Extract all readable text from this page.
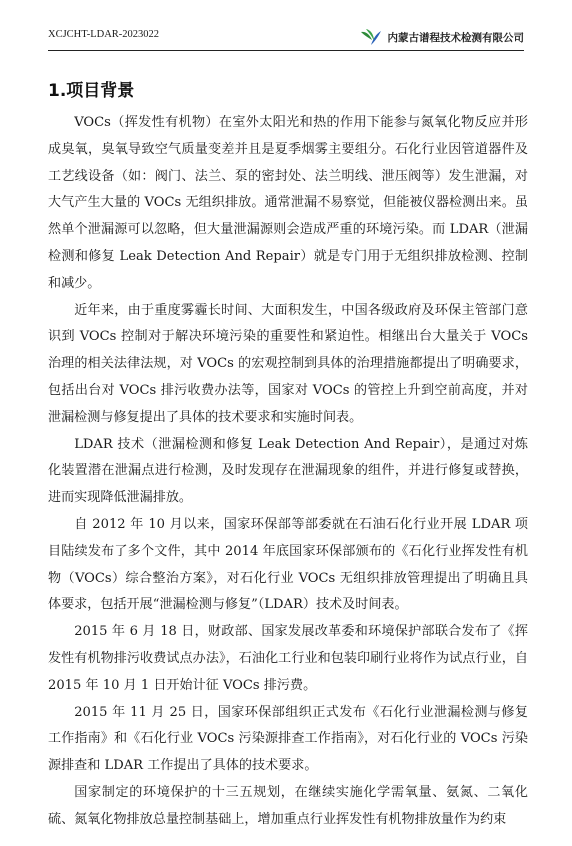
XCJCHT-LDAR-2023022	内蒙古谱程技术检测有限公司
1.项目背景

VOCs（挥发性有机物）在室外太阳光和热的作用下能参与氮氧化物反应并形成臭氧，臭氧导致空气质量变差并且是夏季烟雾主要组分。石化行业因管道器件及工艺线设备（如：阀门、法兰、泵的密封处、法兰明线、泄压阀等）发生泄漏，对大气产生大量的 VOCs 无组织排放。通常泄漏不易察觉，但能被仪器检测出来。虽然单个泄漏源可以忽略，但大量泄漏源则会造成严重的环境污染。而 LDAR（泄漏检测和修复 Leak Detection And Repair）就是专门用于无组织排放检测、控制和减少。

近年来，由于重度雾霾长时间、大面积发生，中国各级政府及环保主管部门意识到 VOCs 控制对于解决环境污染的重要性和紧迫性。相继出台大量关于 VOCs 治理的相关法律法规，对 VOCs 的宏观控制到具体的治理措施都提出了明确要求，包括出台对 VOCs 排污收费办法等，国家对 VOCs 的管控上升到空前高度，并对泄漏检测与修复提出了具体的技术要求和实施时间表。

LDAR 技术（泄漏检测和修复 Leak Detection And Repair），是通过对炼化装置潜在泄漏点进行检测，及时发现存在泄漏现象的组件，并进行修复或替换，进而实现降低泄漏排放。

自 2012 年 10 月以来，国家环保部等部委就在石油石化行业开展 LDAR 项目陆续发布了多个文件，其中 2014 年底国家环保部颁布的《石化行业挥发性有机物（VOCs）综合整治方案》，对石化行业 VOCs 无组织排放管理提出了明确且具体要求，包括开展“泄漏检测与修复”（LDAR）技术及时间表。

2015 年 6 月 18 日，财政部、国家发展改革委和环境保护部联合发布了《挥发性有机物排污收费试点办法》，石油化工行业和包装印刷行业将作为试点行业，自 2015 年 10 月 1 日开始计征 VOCs 排污费。

2015 年 11 月 25 日，国家环保部组织正式发布《石化行业泄漏检测与修复工作指南》和《石化行业 VOCs 污染源排查工作指南》，对石化行业的 VOCs 污染源排查和 LDAR 工作提出了具体的技术要求。

国家制定的环境保护的十三五规划，在继续实施化学需氧量、氨氮、二氧化硫、氮氧化物排放总量控制基础上，增加重点行业挥发性有机物排放量作为约束
